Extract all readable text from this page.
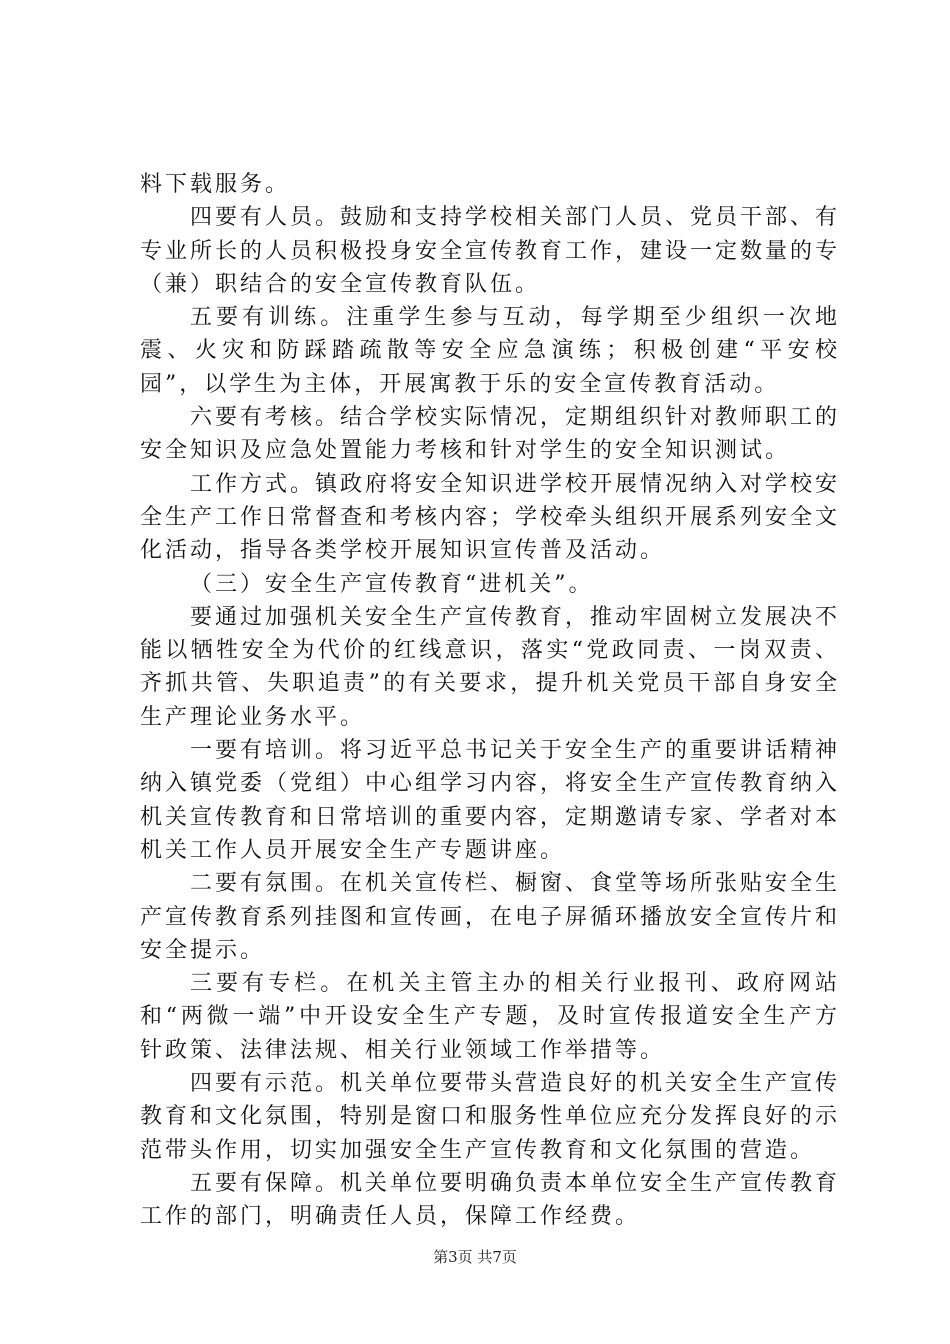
料下载服务。

四要有人员。鼓励和支持学校相关部门人员、党员干部、有专业所长的人员积极投身安全宣传教育工作，建设一定数量的专（兼）职结合的安全宣传教育队伍。

五要有训练。注重学生参与互动，每学期至少组织一次地震、火灾和防踩踏疏散等安全应急演练；积极创建“平安校园”，以学生为主体，开展寓教于乐的安全宣传教育活动。

六要有考核。结合学校实际情况，定期组织针对教师职工的安全知识及应急处置能力考核和针对学生的安全知识测试。

工作方式。镇政府将安全知识进学校开展情况纳入对学校安全生产工作日常督查和考核内容；学校牵头组织开展系列安全文化活动，指导各类学校开展知识宣传普及活动。

（三）安全生产宣传教育“进机关”。

要通过加强机关安全生产宣传教育，推动牢固树立发展决不能以牺牲安全为代价的红线意识，落实“党政同责、一岗双责、齐抓共管、失职追责”的有关要求，提升机关党员干部自身安全生产理论业务水平。

一要有培训。将习近平总书记关于安全生产的重要讲话精神纳入镇党委（党组）中心组学习内容，将安全生产宣传教育纳入机关宣传教育和日常培训的重要内容，定期邀请专家、学者对本机关工作人员开展安全生产专题讲座。

二要有氛围。在机关宣传栏、橱窗、食堂等场所张贴安全生产宣传教育系列挂图和宣传画，在电子屏循环播放安全宣传片和安全提示。

三要有专栏。在机关主管主办的相关行业报刊、政府网站和“两微一端”中开设安全生产专题，及时宣传报道安全生产方针政策、法律法规、相关行业领域工作举措等。

四要有示范。机关单位要带头营造良好的机关安全生产宣传教育和文化氛围，特别是窗口和服务性单位应充分发挥良好的示范带头作用，切实加强安全生产宣传教育和文化氛围的营造。

五要有保障。机关单位要明确负责本单位安全生产宣传教育工作的部门，明确责任人员，保障工作经费。

第3页 共7页
